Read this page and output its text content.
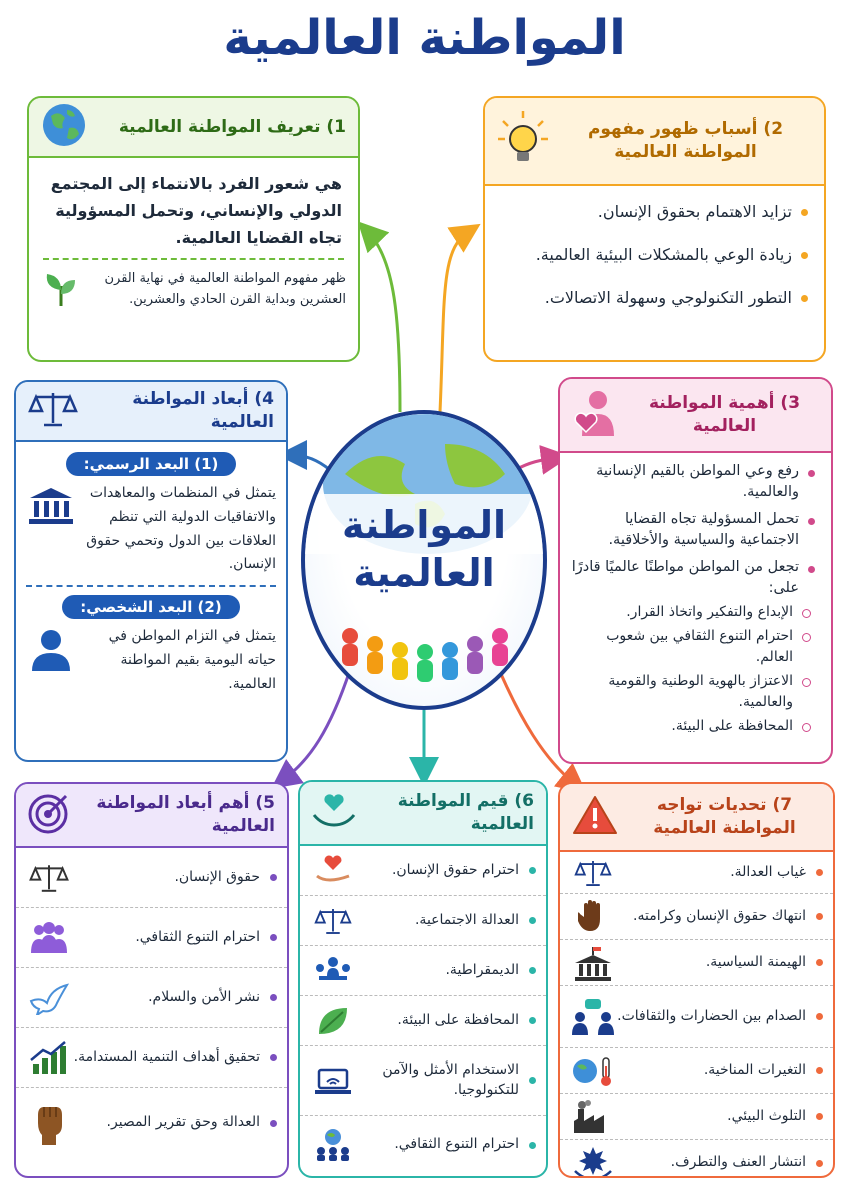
المواطنة العالمية
1) تعريف المواطنة العالمية
هي شعور الفرد بالانتماء إلى المجتمع الدولي والإنساني، وتحمل المسؤولية تجاه القضايا العالمية.
ظهر مفهوم المواطنة العالمية في نهاية القرن العشرين وبداية القرن الحادي والعشرين.
2) أسباب ظهور مفهوم
المواطنة العالمية
تزايد الاهتمام بحقوق الإنسان.
زيادة الوعي بالمشكلات البيئية العالمية.
التطور التكنولوجي وسهولة الاتصالات.
4) أبعاد المواطنة العالمية
(1) البعد الرسمي:
يتمثل في المنظمات والمعاهدات والاتفاقيات الدولية التي تنظم العلاقات بين الدول وتحمي حقوق الإنسان.
(2) البعد الشخصي:
يتمثل في التزام المواطن في حياته اليومية بقيم المواطنة العالمية.
3) أهمية المواطنة
العالمية
رفع وعي المواطن بالقيم الإنسانية والعالمية.
تحمل المسؤولية تجاه القضايا الاجتماعية والسياسية والأخلاقية.
تجعل من المواطن مواطنًا عالميًا قادرًا على:
الإبداع والتفكير واتخاذ القرار.
احترام التنوع الثقافي بين شعوب العالم.
الاعتزاز بالهوية الوطنية والقومية والعالمية.
المحافظة على البيئة.
المواطنة
العالمية
5) أهم أبعاد المواطنة العالمية
حقوق الإنسان.
احترام التنوع الثقافي.
نشر الأمن والسلام.
تحقيق أهداف التنمية المستدامة.
العدالة وحق تقرير المصير.
6) قيم المواطنة العالمية
احترام حقوق الإنسان.
العدالة الاجتماعية.
الديمقراطية.
المحافظة على البيئة.
الاستخدام الأمثل والآمن للتكنولوجيا.
احترام التنوع الثقافي.
7) تحديات تواجه
المواطنة العالمية
غياب العدالة.
انتهاك حقوق الإنسان وكرامته.
الهيمنة السياسية.
الصدام بين الحضارات والثقافات.
التغيرات المناخية.
التلوث البيئي.
انتشار العنف والتطرف.
